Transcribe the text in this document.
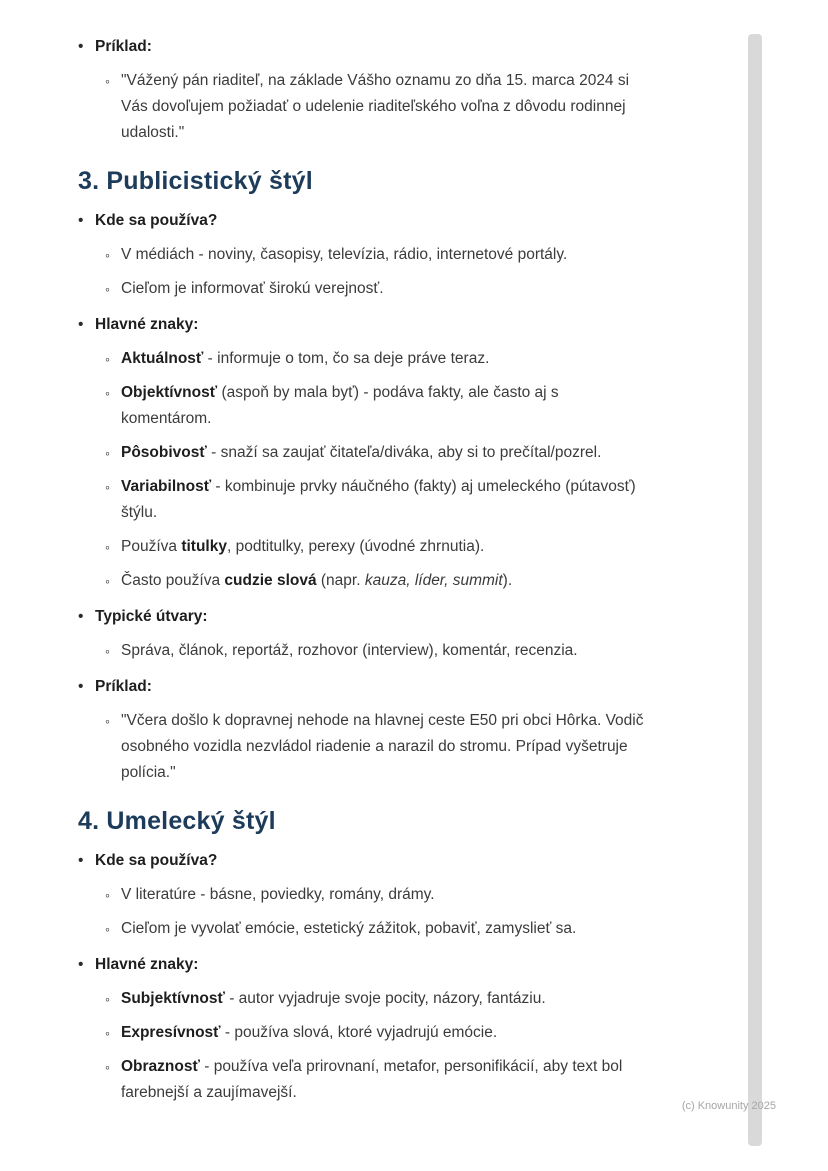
• Príklad:
◦ "Vážený pán riaditeľ, na základe Vášho oznamu zo dňa 15. marca 2024 si Vás dovoľujem požiadať o udelenie riaditeľského voľna z dôvodu rodinnej udalosti."
3. Publicistický štýl
• Kde sa používa?
◦ V médiách - noviny, časopisy, televízia, rádio, internetové portály.
◦ Cieľom je informovať širokú verejnosť.
• Hlavné znaky:
◦ Aktuálnosť - informuje o tom, čo sa deje práve teraz.
◦ Objektívnosť (aspoň by mala byť) - podáva fakty, ale často aj s komentárom.
◦ Pôsobivosť - snaží sa zaujať čitateľa/diváka, aby si to prečítal/pozrel.
◦ Variabilnosť - kombinuje prvky náučného (fakty) aj umeleckého (pútavosť) štýlu.
◦ Používa titulky, podtitulky, perexy (úvodné zhrnutia).
◦ Často používa cudzie slová (napr. kauza, líder, summit).
• Typické útvary:
◦ Správa, článok, reportáž, rozhovor (interview), komentár, recenzia.
• Príklad:
◦ "Včera došlo k dopravnej nehode na hlavnej ceste E50 pri obci Hôrka. Vodič osobného vozidla nezvládol riadenie a narazil do stromu. Prípad vyšetruje polícia."
4. Umelecký štýl
• Kde sa používa?
◦ V literatúre - básne, poviedky, romány, drámy.
◦ Cieľom je vyvolať emócie, estetický zážitok, pobaviť, zamyslieť sa.
• Hlavné znaky:
◦ Subjektívnosť - autor vyjadruje svoje pocity, názory, fantáziu.
◦ Expresívnosť - používa slová, ktoré vyjadrujú emócie.
◦ Obraznosť - používa veľa prirovnaní, metafor, personifikácií, aby text bol farebnejší a zaujímavejší.
(c) Knowunity 2025
